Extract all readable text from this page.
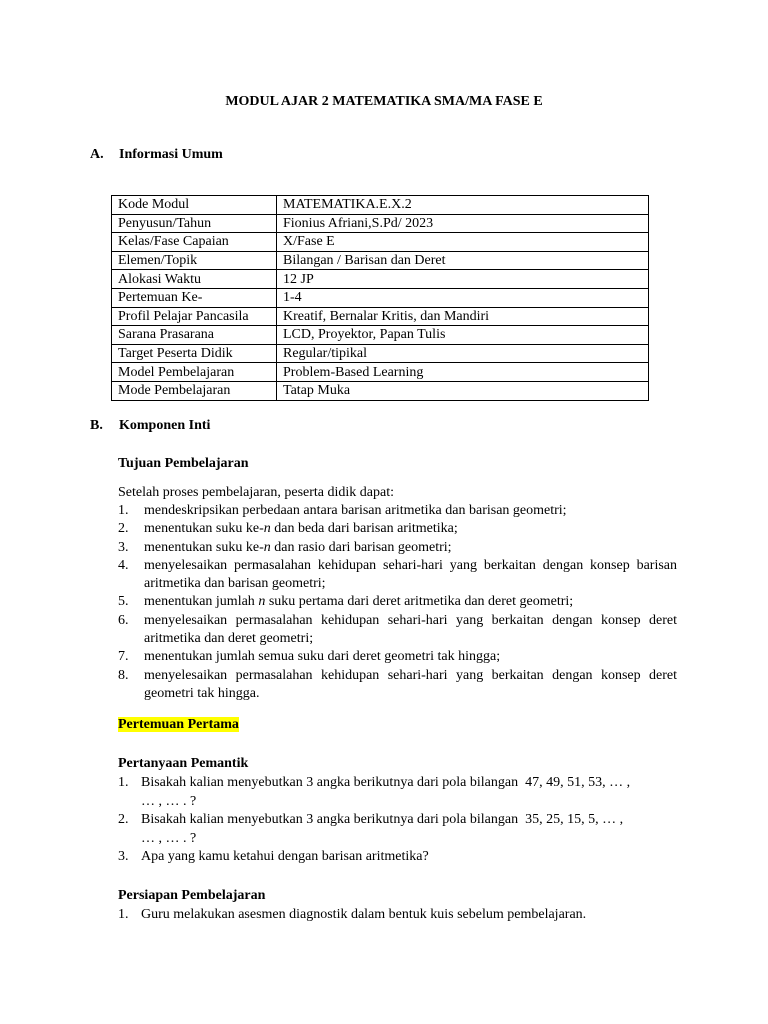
MODUL AJAR 2 MATEMATIKA SMA/MA FASE E
A. Informasi Umum
Kode Modul	MATEMATIKA.E.X.2
Penyusun/Tahun	Fionius Afriani,S.Pd/ 2023
Kelas/Fase Capaian	X/Fase E
Elemen/Topik	Bilangan / Barisan dan Deret
Alokasi Waktu	12 JP
Pertemuan Ke-	1-4
Profil Pelajar Pancasila	Kreatif, Bernalar Kritis, dan Mandiri
Sarana Prasarana	LCD, Proyektor, Papan Tulis
Target Peserta Didik	Regular/tipikal
Model Pembelajaran	Problem-Based Learning
Mode Pembelajaran	Tatap Muka
B. Komponen Inti
Tujuan Pembelajaran
Setelah proses pembelajaran, peserta didik dapat:
1. mendeskripsikan perbedaan antara barisan aritmetika dan barisan geometri;
2. menentukan suku ke-n dan beda dari barisan aritmetika;
3. menentukan suku ke-n dan rasio dari barisan geometri;
4. menyelesaikan permasalahan kehidupan sehari-hari yang berkaitan dengan konsep barisan aritmetika dan barisan geometri;
5. menentukan jumlah n suku pertama dari deret aritmetika dan deret geometri;
6. menyelesaikan permasalahan kehidupan sehari-hari yang berkaitan dengan konsep deret aritmetika dan deret geometri;
7. menentukan jumlah semua suku dari deret geometri tak hingga;
8. menyelesaikan permasalahan kehidupan sehari-hari yang berkaitan dengan konsep deret geometri tak hingga.
Pertemuan Pertama
Pertanyaan Pemantik
1. Bisakah kalian menyebutkan 3 angka berikutnya dari pola bilangan  47, 49, 51, 53, … ,
… , … . ?
2. Bisakah kalian menyebutkan 3 angka berikutnya dari pola bilangan  35, 25, 15, 5, … ,
… , … . ?
3. Apa yang kamu ketahui dengan barisan aritmetika?
Persiapan Pembelajaran
1. Guru melakukan asesmen diagnostik dalam bentuk kuis sebelum pembelajaran.
